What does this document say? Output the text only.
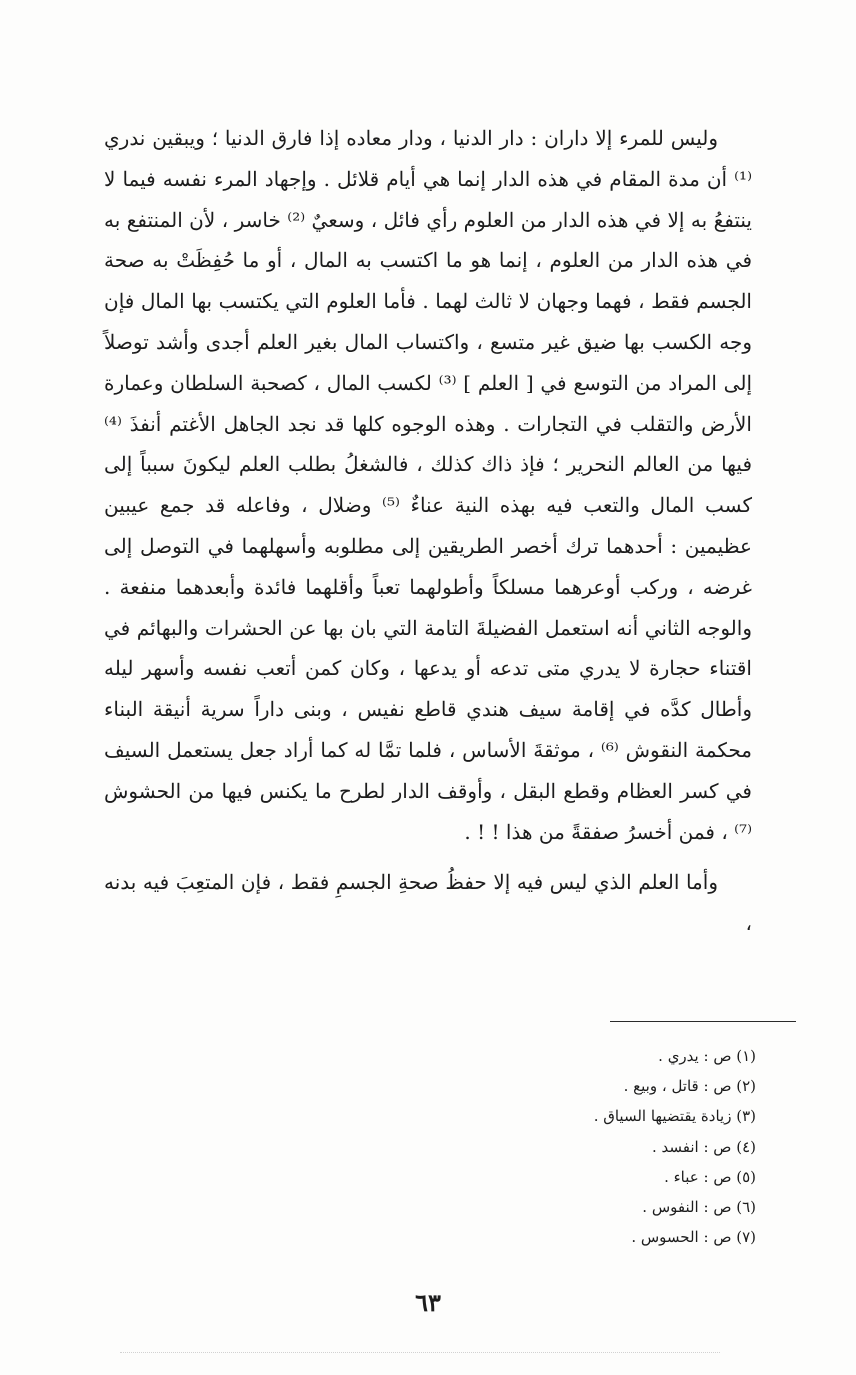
وليس للمرء إلا داران : دار الدنيا ، ودار معاده إذا فارق الدنيا ؛ ويبقين ندري ⁽¹⁾ أن مدة المقام في هذه الدار إنما هي أيام قلائل . وإجهاد المرء نفسه فيما لا ينتفعُ به إلا في هذه الدار من العلوم رأي فائل ، وسعيٌ ⁽²⁾ خاسر ، لأن المنتفع به في هذه الدار من العلوم ، إنما هو ما اكتسب به المال ، أو ما حُفِظَتْ به صحة الجسم فقط ، فهما وجهان لا ثالث لهما . فأما العلوم التي يكتسب بها المال فإن وجه الكسب بها ضيق غير متسع ، واكتساب المال بغير العلم أجدى وأشد توصلاً إلى المراد من التوسع في [ العلم ] ⁽³⁾ لكسب المال ، كصحبة السلطان وعمارة الأرض والتقلب في التجارات . وهذه الوجوه كلها قد نجد الجاهل الأغتم أنفذَ ⁽⁴⁾ فيها من العالم النحرير ؛ فإذ ذاك كذلك ، فالشغلُ بطلب العلم ليكونَ سبباً إلى كسب المال والتعب فيه بهذه النية عناءٌ ⁽⁵⁾ وضلال ، وفاعله قد جمع عيبين عظيمين : أحدهما ترك أخصر الطريقين إلى مطلوبه وأسهلهما في التوصل إلى غرضه ، وركب أوعرهما مسلكاً وأطولهما تعباً وأقلهما فائدة وأبعدهما منفعة . والوجه الثاني أنه استعمل الفضيلةَ التامة التي بان بها عن الحشرات والبهائم في اقتناء حجارة لا يدري متى تدعه أو يدعها ، وكان كمن أتعب نفسه وأسهر ليله وأطال كدَّه في إقامة سيف هندي قاطع نفيس ، وبنى داراً سرية أنيقة البناء محكمة النقوش ⁽⁶⁾ ، موثقةَ الأساس ، فلما تمَّا له كما أراد جعل يستعمل السيف في كسر العظام وقطع البقل ، وأوقف الدار لطرح ما يكنس فيها من الحشوش ⁽⁷⁾ ، فمن أخسرُ صفقةً من هذا ! ! .

وأما العلم الذي ليس فيه إلا حفظُ صحةِ الجسمِ فقط ، فإن المتعِبَ فيه بدنه ،

(١) ص : يدري .
(٢) ص : قاتل ، وبيع .
(٣) زيادة يقتضيها السياق .
(٤) ص : انفسد .
(٥) ص : عباء .
(٦) ص : النفوس .
(٧) ص : الحسوس .
٦٣
